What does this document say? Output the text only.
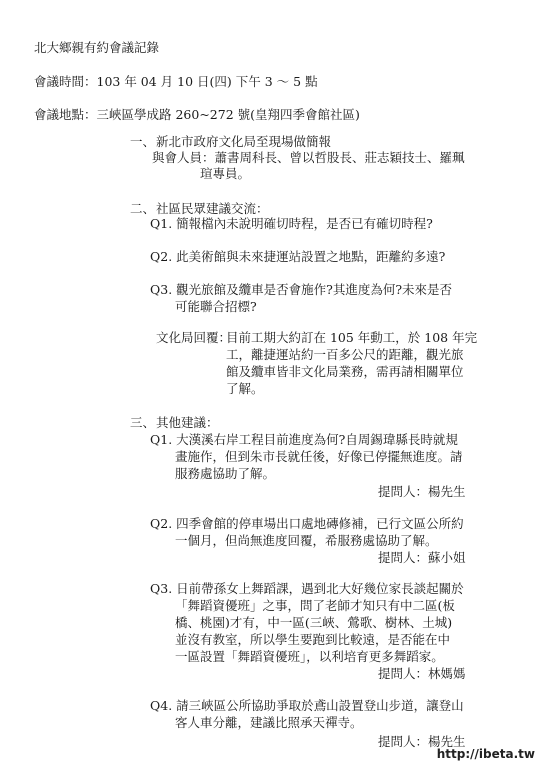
北大鄉親有約會議記錄
會議時間：103 年 04 月 10 日(四) 下午 3 ～ 5 點
會議地點：三峽區學成路 260~272 號(皇翔四季會館社區)
一、 新北市政府文化局至現場做簡報
與會人員：蕭書周科長、曾以哲股長、莊志穎技士、羅珮
瑄專員。
二、 社區民眾建議交流：
Q1. 簡報檔內未說明確切時程，是否已有確切時程?
Q2. 此美術館與未來捷運站設置之地點，距離約多遠?
Q3. 觀光旅館及纜車是否會施作?其進度為何?未來是否
可能聯合招標?
文化局回覆：
目前工期大約訂在 105 年動工，於 108 年完
工，離捷運站約一百多公尺的距離，觀光旅
館及纜車皆非文化局業務，需再請相關單位
了解。
三、 其他建議：
Q1. 大漢溪右岸工程目前進度為何?自周錫瑋縣長時就規
畫施作，但到朱市長就任後，好像已停擺無進度。請
服務處協助了解。
提問人：楊先生
Q2. 四季會館的停車場出口處地磚修補，已行文區公所約
一個月，但尚無進度回覆，希服務處協助了解。
提問人：蘇小姐
Q3. 日前帶孫女上舞蹈課，遇到北大好幾位家長談起關於
「舞蹈資優班」之事，問了老師才知只有中二區(板
橋、桃園)才有，中一區(三峽、鶯歌、樹林、土城)
並沒有教室，所以學生要跑到比較遠，是否能在中
一區設置「舞蹈資優班」，以利培育更多舞蹈家。
提問人：林媽媽
Q4. 請三峽區公所協助爭取於鳶山設置登山步道，讓登山
客人車分離，建議比照承天禪寺。
提問人：楊先生
http://ibeta.tw
